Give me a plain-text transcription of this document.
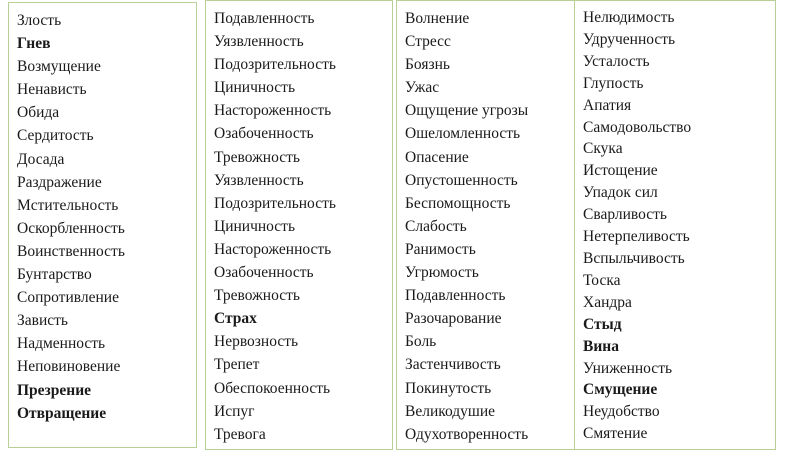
Злость
Гнев
Возмущение
Ненависть
Обида
Сердитость
Досада
Раздражение
Мстительность
Оскорбленность
Воинственность
Бунтарство
Сопротивление
Зависть
Надменность
Неповиновение
Презрение
Отвращение
Подавленность
Уязвленность
Подозрительность
Циничность
Настороженность
Озабоченность
Тревожность
Уязвленность
Подозрительность
Циничность
Настороженность
Озабоченность
Тревожность
Страх
Нервозность
Трепет
Обеспокоенность
Испуг
Тревога
Волнение
Стресс
Боязнь
Ужас
Ощущение угрозы
Ошеломленность
Опасение
Опустошенность
Беспомощность
Слабость
Ранимость
Угрюмость
Подавленность
Разочарование
Боль
Застенчивость
Покинутость
Великодушие
Одухотворенность
Нелюдимость
Удрученность
Усталость
Глупость
Апатия
Самодовольство
Скука
Истощение
Упадок сил
Сварливость
Нетерпеливость
Вспыльчивость
Тоска
Хандра
Стыд
Вина
Униженность
Смущение
Неудобство
Смятение
